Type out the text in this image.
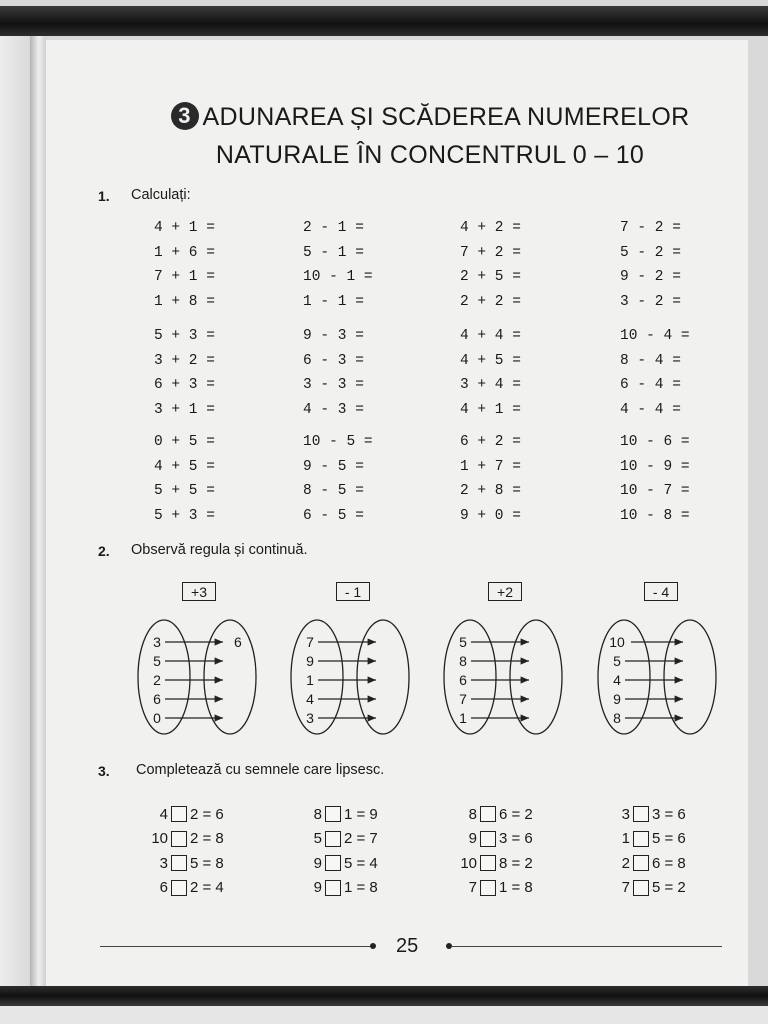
3 ADUNAREA ȘI SCĂDEREA NUMERELOR
NATURALE ÎN CONCENTRUL 0 – 10
1. Calculați:
4 + 1 =
1 + 6 =
7 + 1 =
1 + 8 =
5 + 3 =
3 + 2 =
6 + 3 =
3 + 1 =
0 + 5 =
4 + 5 =
5 + 5 =
5 + 3 =
2 - 1 =
5 - 1 =
10 - 1 =
1 - 1 =
9 - 3 =
6 - 3 =
3 - 3 =
4 - 3 =
10 - 5 =
9 - 5 =
8 - 5 =
6 - 5 =
4 + 2 =
7 + 2 =
2 + 5 =
2 + 2 =
4 + 4 =
4 + 5 =
3 + 4 =
4 + 1 =
6 + 2 =
1 + 7 =
2 + 8 =
9 + 0 =
7 - 2 =
5 - 2 =
9 - 2 =
3 - 2 =
10 - 4 =
8 - 4 =
6 - 4 =
4 - 4 =
10 - 6 =
10 - 9 =
10 - 7 =
10 - 8 =
2. Observă regula și continuă.
+3
3	6
5
2
6
0
- 1
7
9
1
4
3
+2
5
8
6
7
1
- 4
10
5
4
9
8
3. Completează cu semnele care lipsesc.
4 2 = 6
10 2 = 8
3 5 = 8
6 2 = 4
8 1 = 9
5 2 = 7
9 5 = 4
9 1 = 8
8 6 = 2
9 3 = 6
10 8 = 2
7 1 = 8
3 3 = 6
1 5 = 6
2 6 = 8
7 5 = 2
25
